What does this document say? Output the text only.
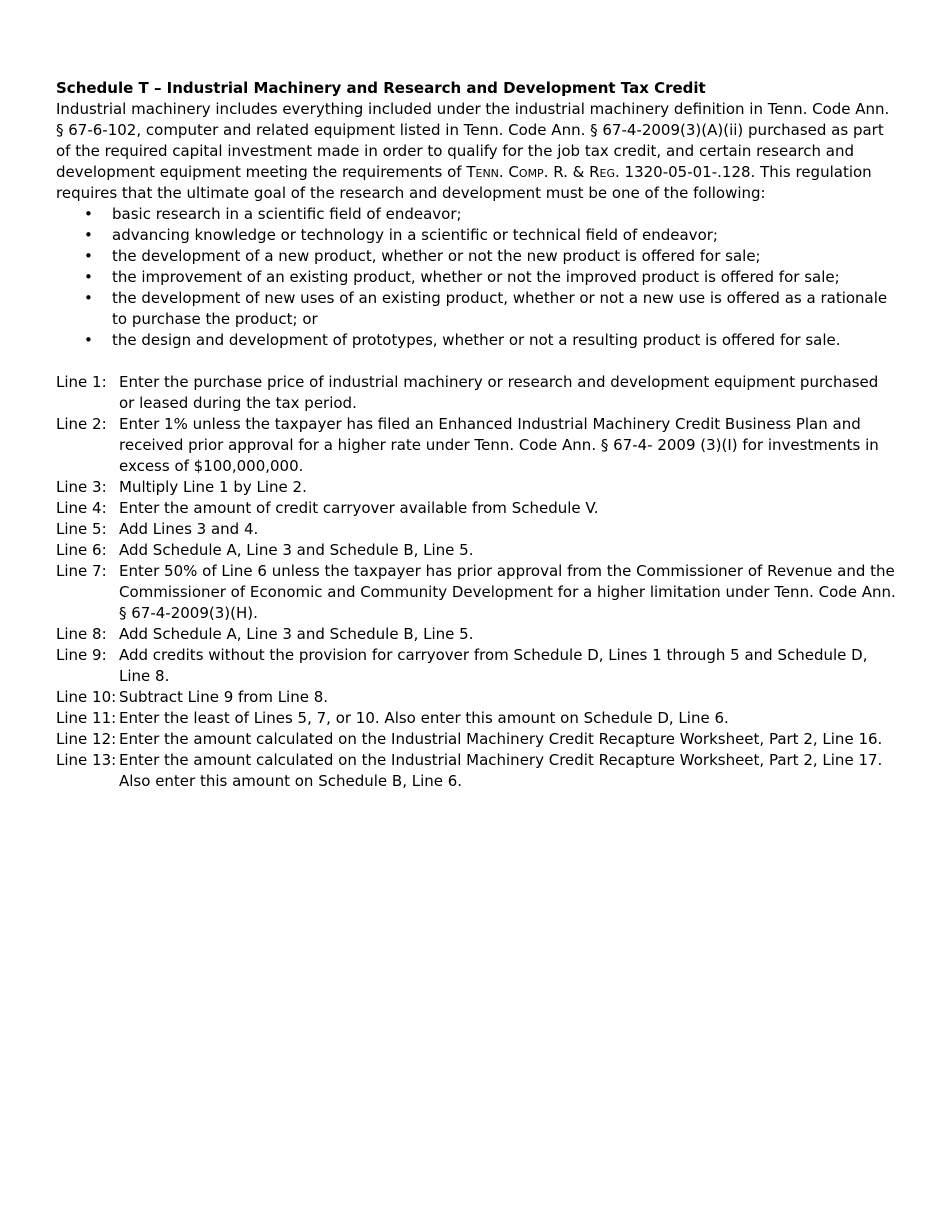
Schedule T – Industrial Machinery and Research and Development Tax Credit

Industrial machinery includes everything included under the industrial machinery definition in Tenn. Code Ann. § 67-6-102, computer and related equipment listed in Tenn. Code Ann. § 67-4-2009(3)(A)(ii) purchased as part of the required capital investment made in order to qualify for the job tax credit, and certain research and development equipment meeting the requirements of Tenn. Comp. R. & Reg. 1320-05-01-.128. This regulation requires that the ultimate goal of the research and development must be one of the following:

• basic research in a scientific field of endeavor;
• advancing knowledge or technology in a scientific or technical field of endeavor;
• the development of a new product, whether or not the new product is offered for sale;
• the improvement of an existing product, whether or not the improved product is offered for sale;
• the development of new uses of an existing product, whether or not a new use is offered as a rationale to purchase the product; or
• the design and development of prototypes, whether or not a resulting product is offered for sale.
Line 1: Enter the purchase price of industrial machinery or research and development equipment purchased or leased during the tax period.
Line 2: Enter 1% unless the taxpayer has filed an Enhanced Industrial Machinery Credit Business Plan and received prior approval for a higher rate under Tenn. Code Ann. § 67-4- 2009 (3)(I) for investments in excess of $100,000,000.
Line 3: Multiply Line 1 by Line 2.
Line 4: Enter the amount of credit carryover available from Schedule V.
Line 5: Add Lines 3 and 4.
Line 6: Add Schedule A, Line 3 and Schedule B, Line 5.
Line 7: Enter 50% of Line 6 unless the taxpayer has prior approval from the Commissioner of Revenue and the Commissioner of Economic and Community Development for a higher limitation under Tenn. Code Ann. § 67-4-2009(3)(H).
Line 8: Add Schedule A, Line 3 and Schedule B, Line 5.
Line 9: Add credits without the provision for carryover from Schedule D, Lines 1 through 5 and Schedule D, Line 8.
Line 10: Subtract Line 9 from Line 8.
Line 11: Enter the least of Lines 5, 7, or 10. Also enter this amount on Schedule D, Line 6.
Line 12: Enter the amount calculated on the Industrial Machinery Credit Recapture Worksheet, Part 2, Line 16.
Line 13: Enter the amount calculated on the Industrial Machinery Credit Recapture Worksheet, Part 2, Line 17. Also enter this amount on Schedule B, Line 6.
